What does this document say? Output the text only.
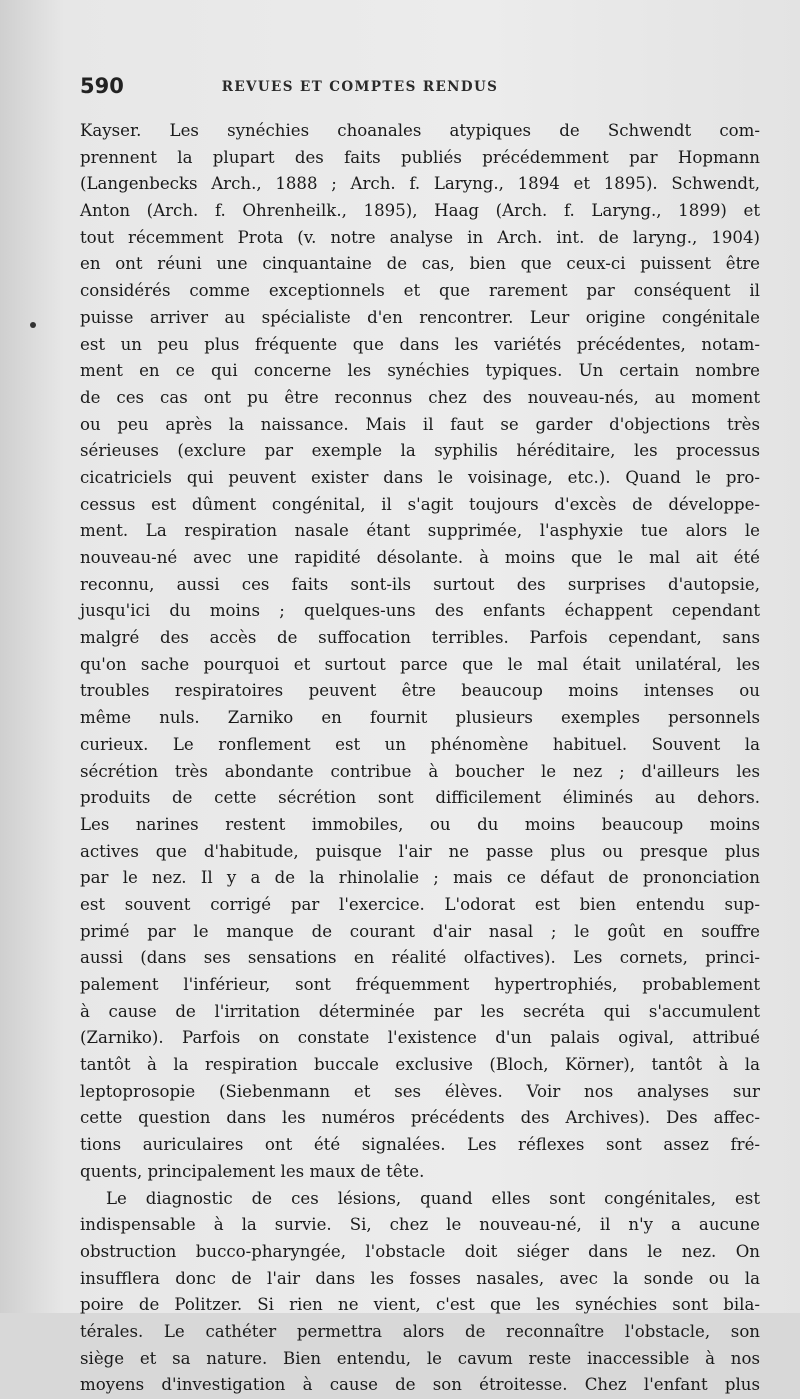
590	REVUES ET COMPTES RENDUS
Kayser. Les synéchies choanales atypiques de Schwendt com-
prennent la plupart des faits publiés précédemment par Hopmann
(Langenbecks Arch., 1888 ; Arch. f. Laryng., 1894 et 1895). Schwendt,
Anton (Arch. f. Ohrenheilk., 1895), Haag (Arch. f. Laryng., 1899) et
tout récemment Prota (v. notre analyse in Arch. int. de laryng., 1904)
en ont réuni une cinquantaine de cas, bien que ceux-ci puissent être
considérés comme exceptionnels et que rarement par conséquent il
puisse arriver au spécialiste d'en rencontrer. Leur origine congénitale
est un peu plus fréquente que dans les variétés précédentes, notam-
ment en ce qui concerne les synéchies typiques. Un certain nombre
de ces cas ont pu être reconnus chez des nouveau-nés, au moment
ou peu après la naissance. Mais il faut se garder d'objections très
sérieuses (exclure par exemple la syphilis héréditaire, les processus
cicatriciels qui peuvent exister dans le voisinage, etc.). Quand le pro-
cessus est dûment congénital, il s'agit toujours d'excès de développe-
ment. La respiration nasale étant supprimée, l'asphyxie tue alors le
nouveau-né avec une rapidité désolante. à moins que le mal ait été
reconnu, aussi ces faits sont-ils surtout des surprises d'autopsie,
jusqu'ici du moins ; quelques-uns des enfants échappent cependant
malgré des accès de suffocation terribles. Parfois cependant, sans
qu'on sache pourquoi et surtout parce que le mal était unilatéral, les
troubles respiratoires peuvent être beaucoup moins intenses ou
même nuls. Zarniko en fournit plusieurs exemples personnels
curieux. Le ronflement est un phénomène habituel. Souvent la
sécrétion très abondante contribue à boucher le nez ; d'ailleurs les
produits de cette sécrétion sont difficilement éliminés au dehors.
Les narines restent immobiles, ou du moins beaucoup moins
actives que d'habitude, puisque l'air ne passe plus ou presque plus
par le nez. Il y a de la rhinolalie ; mais ce défaut de prononciation
est souvent corrigé par l'exercice. L'odorat est bien entendu sup-
primé par le manque de courant d'air nasal ; le goût en souffre
aussi (dans ses sensations en réalité olfactives). Les cornets, princi-
palement l'inférieur, sont fréquemment hypertrophiés, probablement
à cause de l'irritation déterminée par les secréta qui s'accumulent
(Zarniko). Parfois on constate l'existence d'un palais ogival, attribué
tantôt à la respiration buccale exclusive (Bloch, Körner), tantôt à la
leptoprosopie (Siebenmann et ses élèves. Voir nos analyses sur
cette question dans les numéros précédents des Archives). Des affec-
tions auriculaires ont été signalées. Les réflexes sont assez fré-
quents, principalement les maux de tête.
Le diagnostic de ces lésions, quand elles sont congénitales, est
indispensable à la survie. Si, chez le nouveau-né, il n'y a aucune
obstruction bucco-pharyngée, l'obstacle doit siéger dans le nez. On
insufflera donc de l'air dans les fosses nasales, avec la sonde ou la
poire de Politzer. Si rien ne vient, c'est que les synéchies sont bila-
térales. Le cathéter permettra alors de reconnaître l'obstacle, son
siège et sa nature. Bien entendu, le cavum reste inaccessible à nos
moyens d'investigation à cause de son étroitesse. Chez l'enfant plus
